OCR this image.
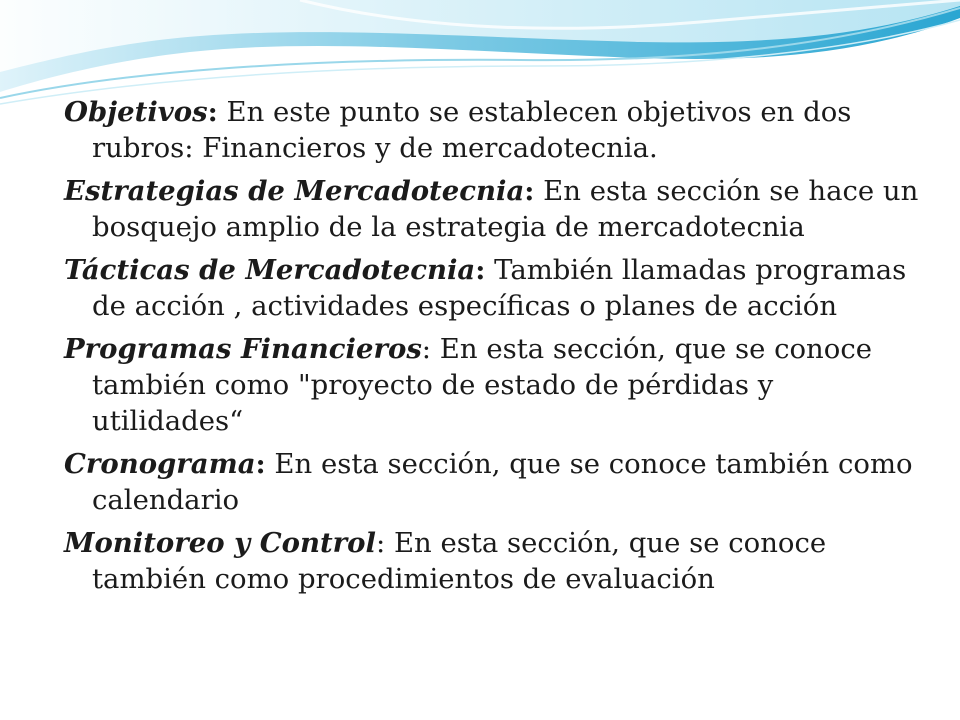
Objetivos: En este punto se establecen objetivos en dos rubros: Financieros y de mercadotecnia.

Estrategias de Mercadotecnia: En esta sección se hace un bosquejo amplio de la estrategia de mercadotecnia

Tácticas de Mercadotecnia: También llamadas programas de acción , actividades específicas o planes de acción

Programas Financieros: En esta sección, que se conoce también como "proyecto de estado de pérdidas y utilidades“

Cronograma: En esta sección, que se conoce también como calendario

Monitoreo y Control: En esta sección, que se conoce también como procedimientos de evaluación
